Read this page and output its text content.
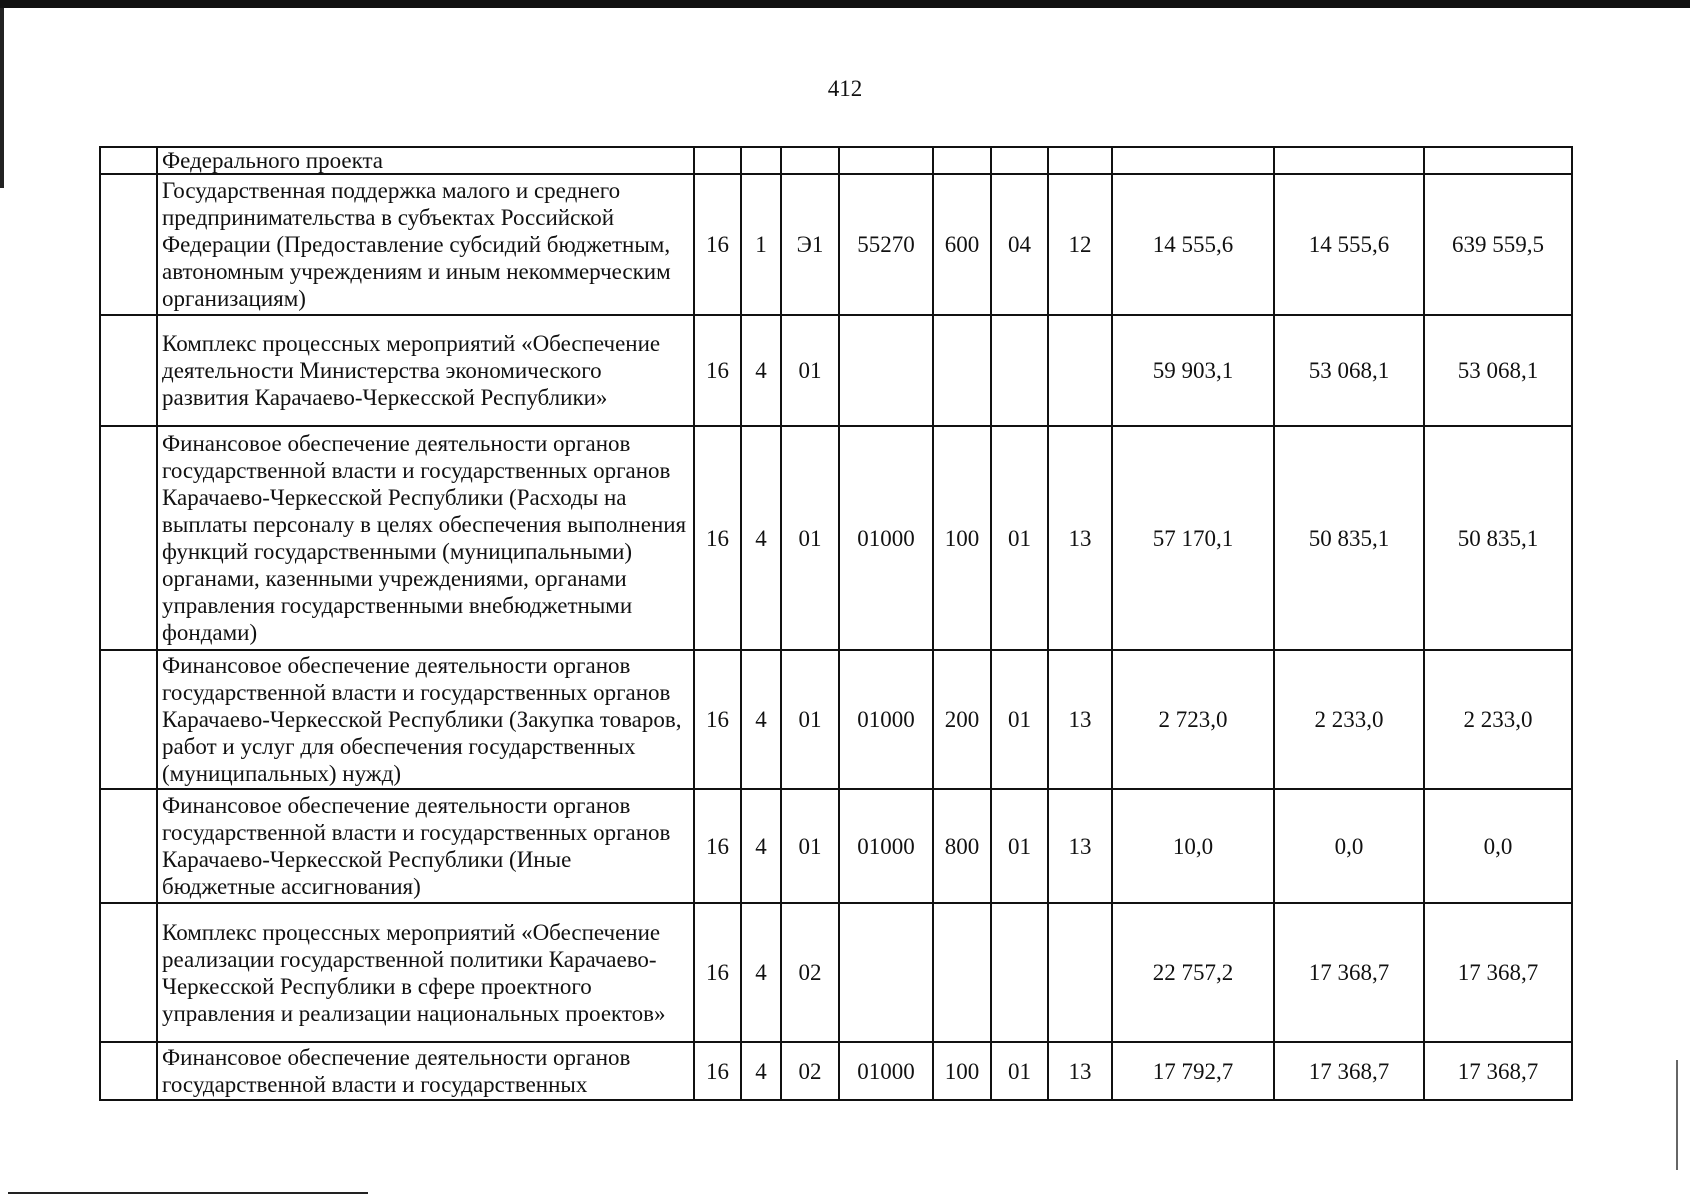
412
	Федерального проекта										
	Государственная поддержка малого и среднего предпринимательства в субъектах Российской Федерации (Предоставление субсидий бюджетным, автономным учреждениям и иным некоммерческим организациям)	16	1	Э1	55270	600	04	12	14 555,6	14 555,6	639 559,5
	Комплекс процессных мероприятий «Обеспечение деятельности Министерства экономического развития Карачаево-Черкесской Республики»	16	4	01					59 903,1	53 068,1	53 068,1
	Финансовое обеспечение деятельности органов государственной власти и государственных органов Карачаево-Черкесской Республики (Расходы на выплаты персоналу в целях обеспечения выполнения функций государственными (муниципальными) органами, казенными учреждениями, органами управления государственными внебюджетными фондами)	16	4	01	01000	100	01	13	57 170,1	50 835,1	50 835,1
	Финансовое обеспечение деятельности органов государственной власти и государственных органов Карачаево-Черкесской Республики (Закупка товаров, работ и услуг для обеспечения государственных (муниципальных) нужд)	16	4	01	01000	200	01	13	2 723,0	2 233,0	2 233,0
	Финансовое обеспечение деятельности органов государственной власти и государственных органов Карачаево-Черкесской Республики (Иные бюджетные ассигнования)	16	4	01	01000	800	01	13	10,0	0,0	0,0
	Комплекс процессных мероприятий «Обеспечение реализации государственной политики Карачаево-Черкесской Республики в сфере проектного управления и реализации национальных проектов»	16	4	02					22 757,2	17 368,7	17 368,7
	Финансовое обеспечение деятельности органов государственной власти и государственных	16	4	02	01000	100	01	13	17 792,7	17 368,7	17 368,7
